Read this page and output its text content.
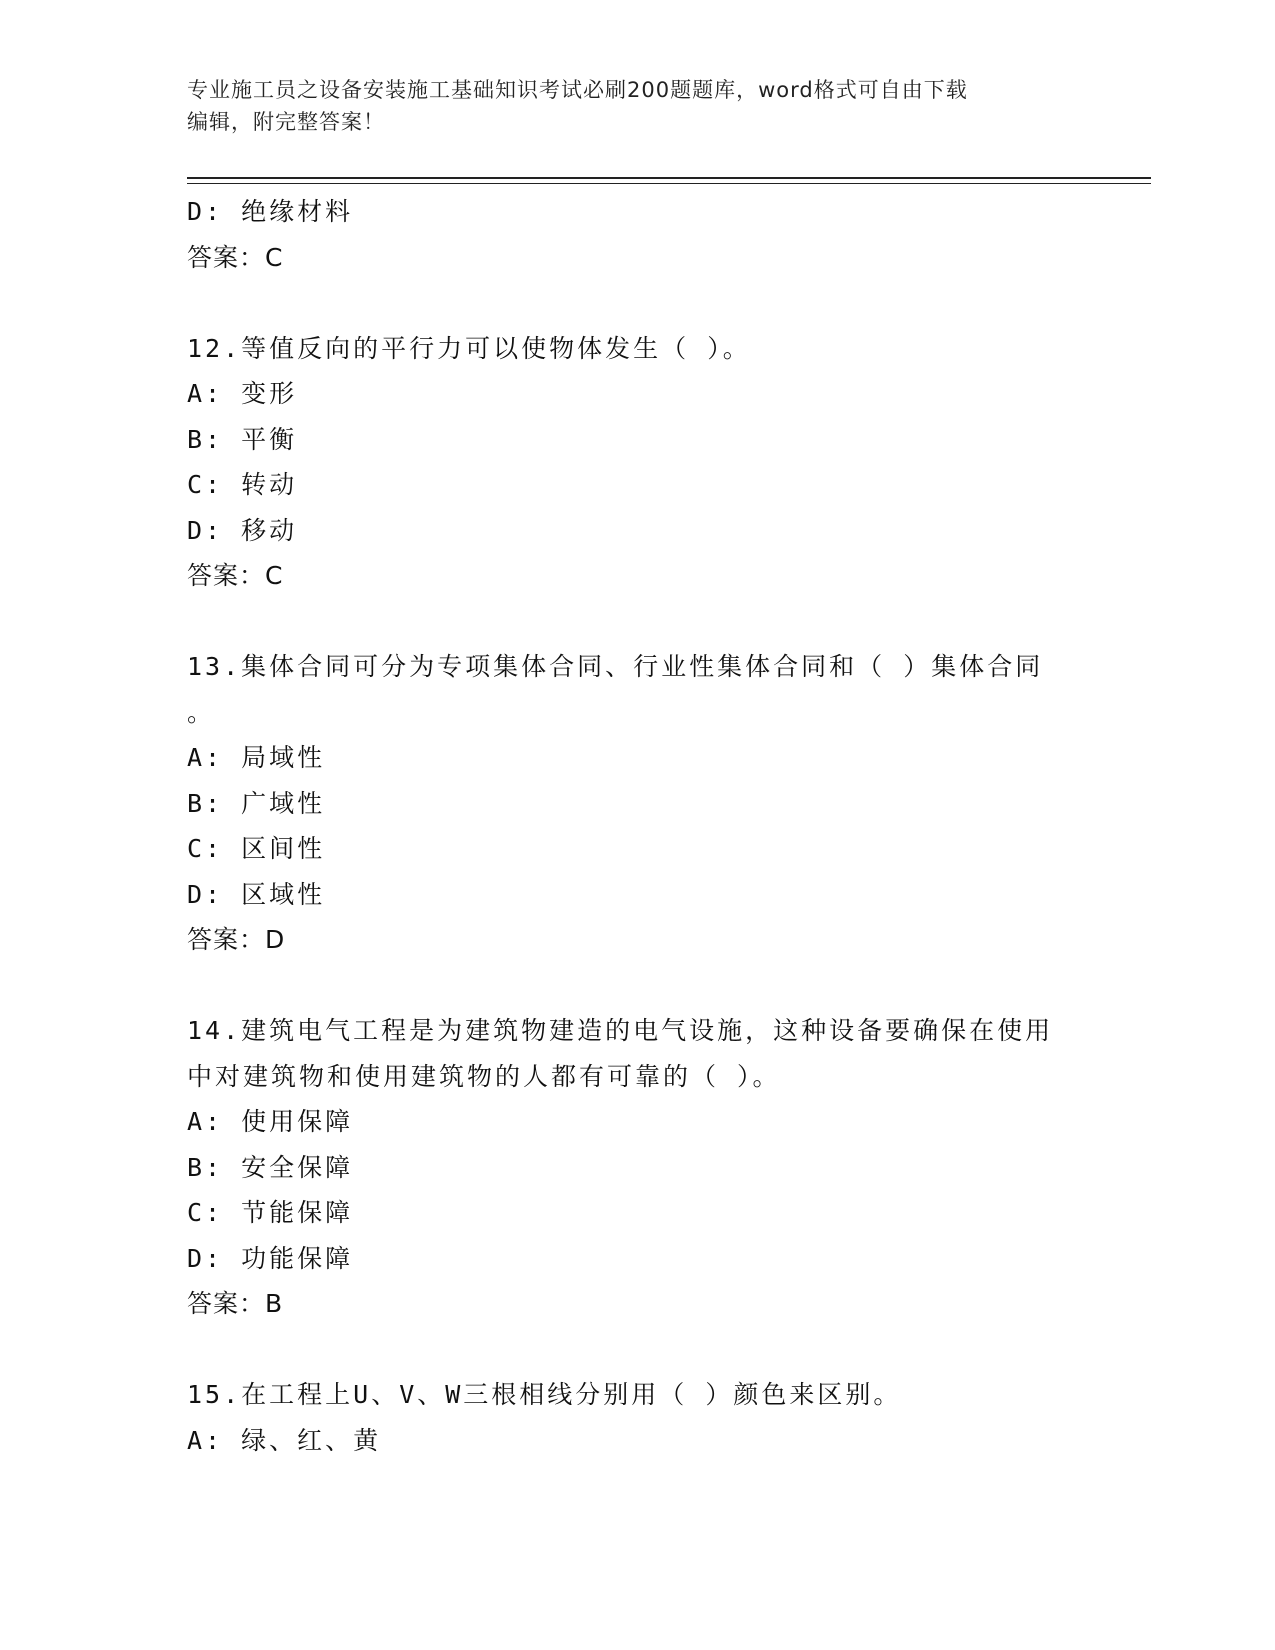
专业施工员之设备安装施工基础知识考试必刷200题题库，word格式可自由下载
编辑，附完整答案！
D: 绝缘材料
答案：C
12.等值反向的平行力可以使物体发生（ ）。
A: 变形
B: 平衡
C: 转动
D: 移动
答案：C
13.集体合同可分为专项集体合同、行业性集体合同和（ ）集体合同
。
A: 局域性
B: 广域性
C: 区间性
D: 区域性
答案：D
14.建筑电气工程是为建筑物建造的电气设施，这种设备要确保在使用
中对建筑物和使用建筑物的人都有可靠的（ ）。
A: 使用保障
B: 安全保障
C: 节能保障
D: 功能保障
答案：B
15.在工程上U、V、W三根相线分别用（ ）颜色来区别。
A: 绿、红、黄
